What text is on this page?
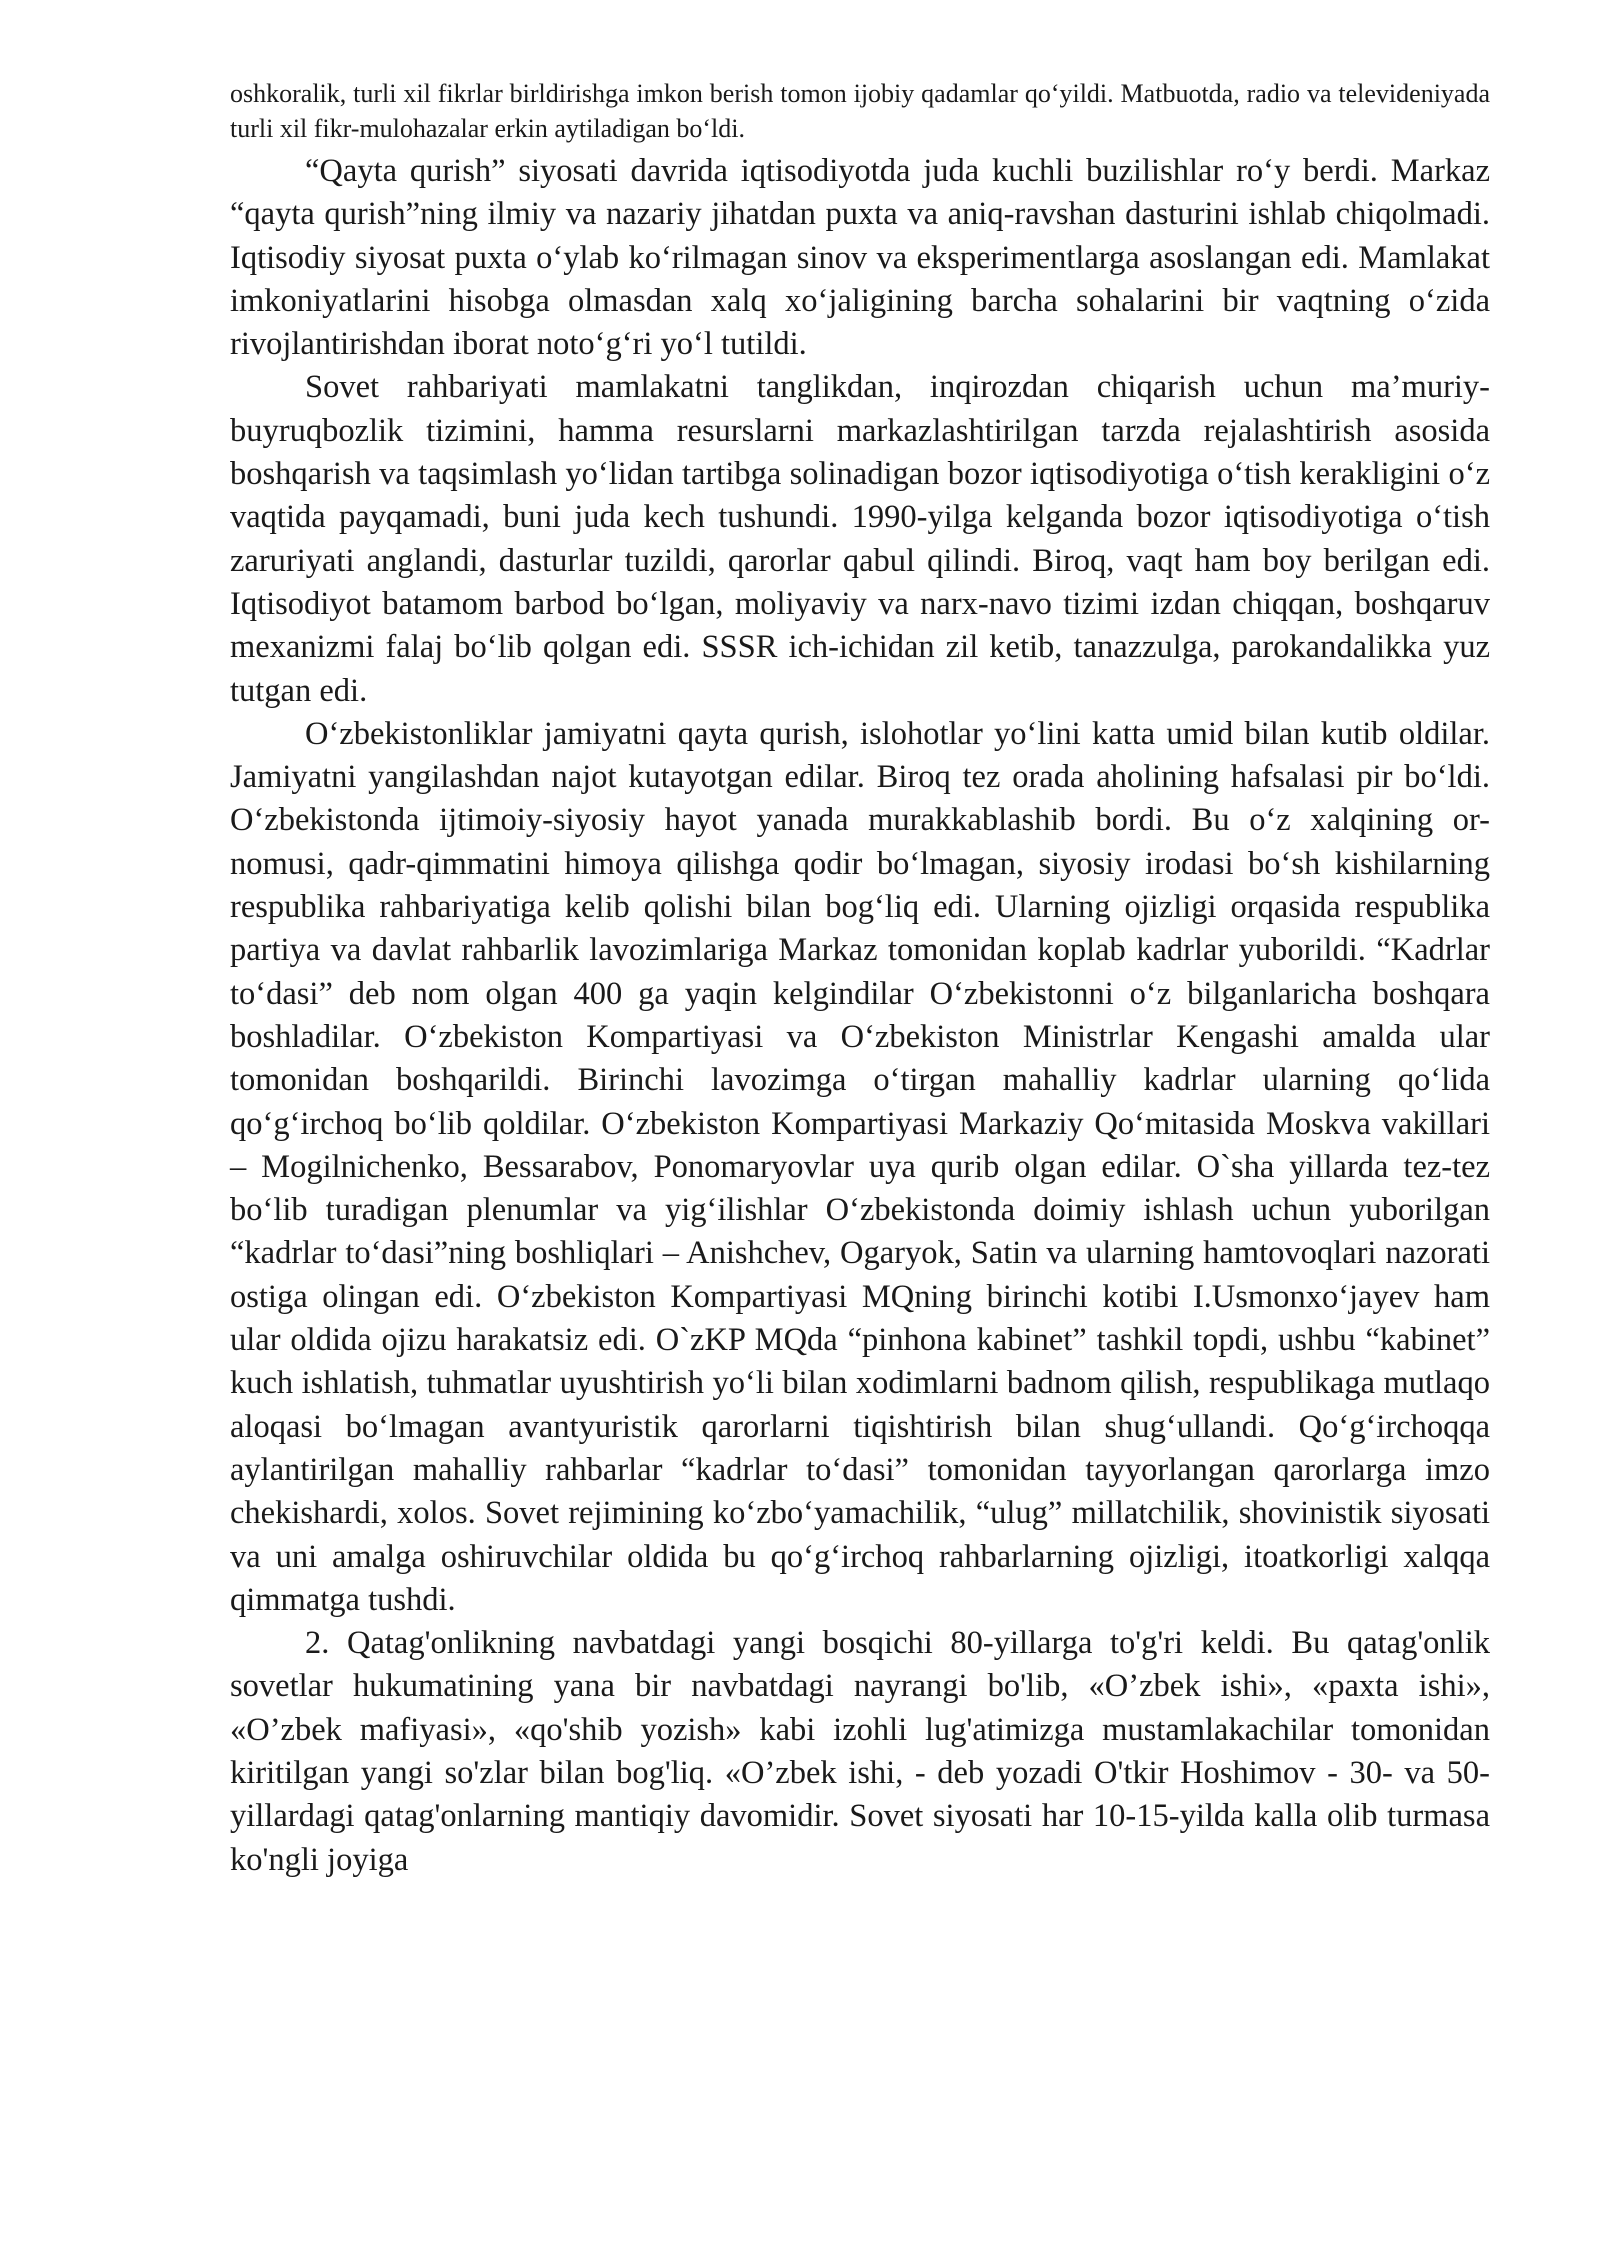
oshkoralik, turli xil fikrlar birldirishga imkon berish tomon ijobiy qadamlar qo‘yildi. Matbuotda, radio va televideniyada turli xil fikr-mulohazalar erkin aytiladigan bo‘ldi.

“Qayta qurish” siyosati davrida iqtisodiyotda juda kuchli buzilishlar ro‘y berdi. Markaz “qayta qurish”ning ilmiy va nazariy jihatdan puxta va aniq-ravshan dasturini ishlab chiqolmadi. Iqtisodiy siyosat puxta o‘ylab ko‘rilmagan sinov va eksperimentlarga asoslangan edi. Mamlakat imkoniyatlarini hisobga olmasdan xalq xo‘jaligining barcha sohalarini bir vaqtning o‘zida rivojlantirishdan iborat noto‘g‘ri yo‘l tutildi.

Sovet rahbariyati mamlakatni tanglikdan, inqirozdan chiqarish uchun ma’muriy-buyruqbozlik tizimini, hamma resurslarni markazlashtirilgan tarzda rejalashtirish asosida boshqarish va taqsimlash yo‘lidan tartibga solinadigan bozor iqtisodiyotiga o‘tish kerakligini o‘z vaqtida payqamadi, buni juda kech tushundi. 1990-yilga kelganda bozor iqtisodiyotiga o‘tish zaruriyati anglandi, dasturlar tuzildi, qarorlar qabul qilindi. Biroq, vaqt ham boy berilgan edi. Iqtisodiyot batamom barbod bo‘lgan, moliyaviy va narx-navo tizimi izdan chiqqan, boshqaruv mexanizmi falaj bo‘lib qolgan edi. SSSR ich-ichidan zil ketib, tanazzulga, parokandalikka yuz tutgan edi.

O‘zbekistonliklar jamiyatni qayta qurish, islohotlar yo‘lini katta umid bilan kutib oldilar. Jamiyatni yangilashdan najot kutayotgan edilar. Biroq tez orada aholining hafsalasi pir bo‘ldi. O‘zbekistonda ijtimoiy-siyosiy hayot yanada murakkablashib bordi. Bu o‘z xalqining or-nomusi, qadr-qimmatini himoya qilishga qodir bo‘lmagan, siyosiy irodasi bo‘sh kishilarning respublika rahbariyatiga kelib qolishi bilan bog‘liq edi. Ularning ojizligi orqasida respublika partiya va davlat rahbarlik lavozimlariga Markaz tomonidan koplab kadrlar yuborildi. “Kadrlar to‘dasi” deb nom olgan 400 ga yaqin kelgindilar O‘zbekistonni o‘z bilganlaricha boshqara boshladilar. O‘zbekiston Kompartiyasi va O‘zbekiston Ministrlar Kengashi amalda ular tomonidan boshqarildi. Birinchi lavozimga o‘tirgan mahalliy kadrlar ularning qo‘lida qo‘g‘irchoq bo‘lib qoldilar. O‘zbekiston Kompartiyasi Markaziy Qo‘mitasida Moskva vakillari – Mogilnichenko, Bessarabov, Ponomaryovlar uya qurib olgan edilar. O`sha yillarda tez-tez bo‘lib turadigan plenumlar va yig‘ilishlar O‘zbekistonda doimiy ishlash uchun yuborilgan “kadrlar to‘dasi”ning boshliqlari – Anishchev, Ogaryok, Satin va ularning hamtovoqlari nazorati ostiga olingan edi. O‘zbekiston Kompartiyasi MQning birinchi kotibi I.Usmonxo‘jayev ham ular oldida ojizu harakatsiz edi. O`zKP MQda “pinhona kabinet” tashkil topdi, ushbu “kabinet” kuch ishlatish, tuhmatlar uyushtirish yo‘li bilan xodimlarni badnom qilish, respublikaga mutlaqo aloqasi bo‘lmagan avantyuristik qarorlarni tiqishtirish bilan shug‘ullandi. Qo‘g‘irchoqqa aylantirilgan mahalliy rahbarlar “kadrlar to‘dasi” tomonidan tayyorlangan qarorlarga imzo chekishardi, xolos. Sovet rejimining ko‘zbo‘yamachilik, “ulug” millatchilik, shovinistik siyosati va uni amalga oshiruvchilar oldida bu qo‘g‘irchoq rahbarlarning ojizligi, itoatkorligi xalqqa qimmatga tushdi.

2. Qatag'onlikning navbatdagi yangi bosqichi 80-yillarga to'g'ri keldi. Bu qatag'onlik sovetlar hukumatining yana bir navbatdagi nayrangi bo'lib, «O’zbek ishi», «paxta ishi», «O’zbek mafiyasi», «qo'shib yozish» kabi izohli lug'atimizga mustamlakachilar tomonidan kiritilgan yangi so'zlar bilan bog'liq. «O’zbek ishi, - deb yozadi O'tkir Hoshimov - 30- va 50-yillardagi qatag'onlarning mantiqiy davomidir. Sovet siyosati har 10-15-yilda kalla olib turmasa ko'ngli joyiga
